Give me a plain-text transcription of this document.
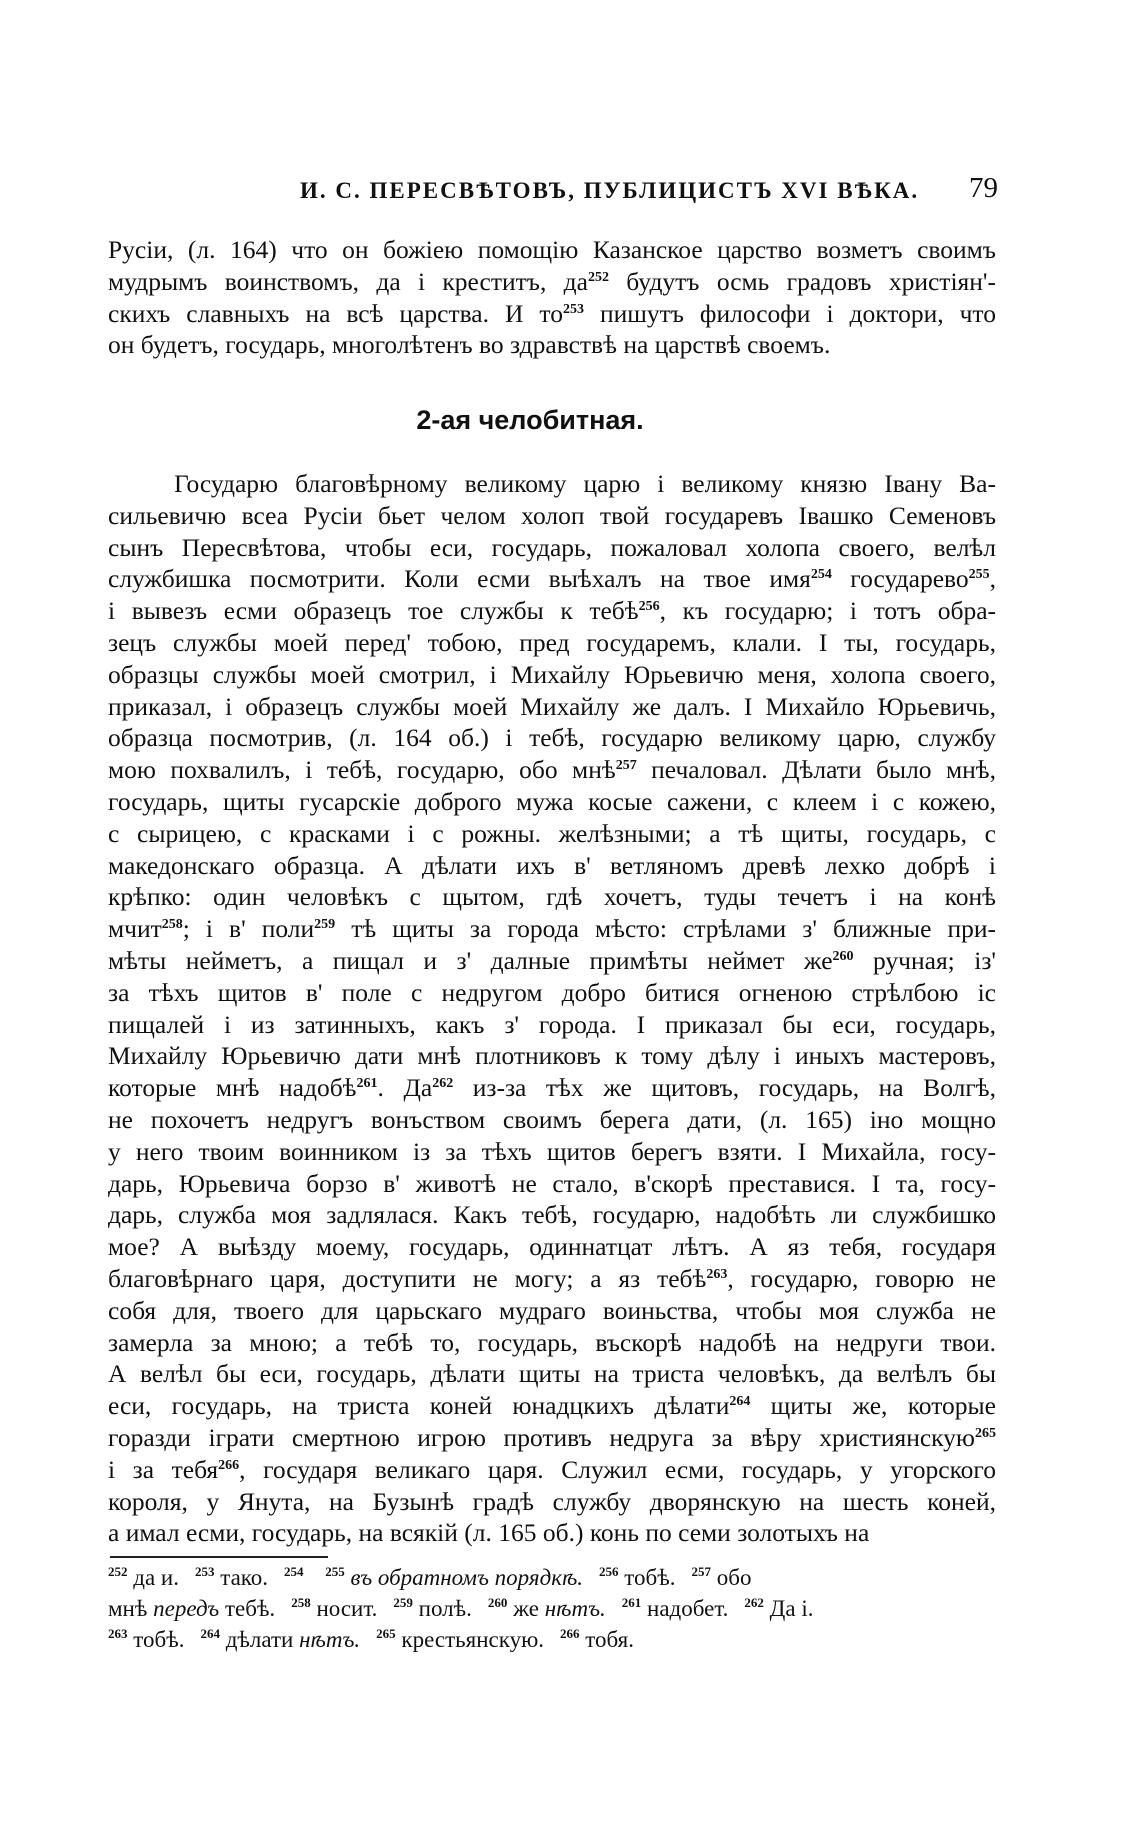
И. С. ПЕРЕСВѢТОВЪ, ПУБЛИЦИСТЪ XVI ВѢКА.	79
Русіи, (л. 164) что он божіею помощію Казанское царство возметъ своимъ
мудрымъ воинствомъ, да і креститъ, $да^{252}$ будутъ осмь градовъ христіян'-
скихъ славныхъ на всѣ царства. И $то^{253}$ пишутъ философи і доктори, что
он будетъ, государь, многолѣтенъ во здравствѣ на царствѣ своемъ.
2-ая челобитная.
Государю благовѣрному великому царю і великому князю Івану Ва-
сильевичю всеа Русіи бьет челом холоп твой государевъ Івашко Семеновъ
сынъ Пересвѣтова, чтобы еси, государь, пожаловал холопа своего, велѣл
службишка посмотрити. Коли есми выѣхалъ на твое имя$^{254}$ государево$^{255}$,
і вывезъ есми образецъ тое службы к тебѣ$^{256}$, къ государю; і тотъ обра-
зецъ службы моей перед' тобою, пред государемъ, клали. І ты, государь,
образцы службы моей смотрил, і Михайлу Юрьевичю меня, холопа своего,
приказал, і образецъ службы моей Михайлу же далъ. І Михайло Юрьевичь,
образца посмотрив, (л. 164 об.) і тебѣ, государю великому царю, службу
мою похвалилъ, і тебѣ, государю, обо мнѣ$^{257}$ печаловал. Дѣлати было мнѣ,
государь, щиты гусарскіе доброго мужа косые сажени, с клеем і с кожею,
с сырицею, с красками і с рожны. желѣзными; а тѣ щиты, государь, с
македонскаго образца. А дѣлати ихъ в' ветляномъ древѣ лехко добрѣ і
крѣпко: один человѣкъ с щытом, гдѣ хочетъ, туды течетъ і на конѣ
мчит$^{258}$; і в' поли$^{259}$ тѣ щиты за города мѣсто: стрѣлами з' ближные при-
мѣты нейметъ, а пищал и з' далные примѣты неймет $же^{260}$ ручная; із'
за тѣхъ щитов в' поле с недругом добро битися огненою стрѣлбою іс
пищалей і из затинныхъ, какъ з' города. І приказал бы еси, государь,
Михайлу Юрьевичю дати мнѣ плотниковъ к тому дѣлу і иныхъ мастеровъ,
которые мнѣ надобѣ$^{261}$. $Да^{262}$ из-за тѣх же щитовъ, государь, на Волгѣ,
не похочетъ недругъ вонъством своимъ берега дати, (л. 165) іно мощно
у него твоим воинником із за тѣхъ щитов берегъ взяти. І Михайла, госу-
дарь, Юрьевича борзо в' животѣ не стало, в'скорѣ преставися. І та, госу-
дарь, служба моя задлялася. Какъ тебѣ, государю, надобѣть ли службишко
мое? А выѣзду моему, государь, одиннатцат лѣтъ. А яз тебя, государя
благовѣрнаго царя, доступити не могу; а яз тебѣ$^{263}$, государю, говорю не
собя для, твоего для царьскаго мудраго воиньства, чтобы моя служба не
замерла за мною; а тебѣ то, государь, въскорѣ надобѣ на недруги твои.
А велѣл бы еси, государь, дѣлати щиты на триста человѣкъ, да велѣлъ бы
еси, государь, на триста коней юнадцкихъ дѣлати$^{264}$ щиты же, которые
горазди іграти смертною игрою противъ недруга за вѣру християнскую$^{265}$
і за тебя$^{266}$, государя великаго царя. Служил есми, государь, у угорского
короля, у Янута, на Бузынѣ градѣ службу дворянскую на шесть коней,
а имал есми, государь, на всякій (л. 165 об.) конь по семи золотыхъ на
$^{252}$ да и. $^{253}$ тако. $^{254}$ $^{255}$ въ обратномъ порядкѣ. $^{256}$ тобѣ. $^{257}$ обо
мнѣ передъ тебѣ. $^{258}$ носит. $^{259}$ полѣ. $^{260}$ же нѣтъ. $^{261}$ надобет. $^{262}$ Да і.
$^{263}$ тобѣ. $^{264}$ дѣлати нѣтъ. $^{265}$ крестьянскую. $^{266}$ тобя.
